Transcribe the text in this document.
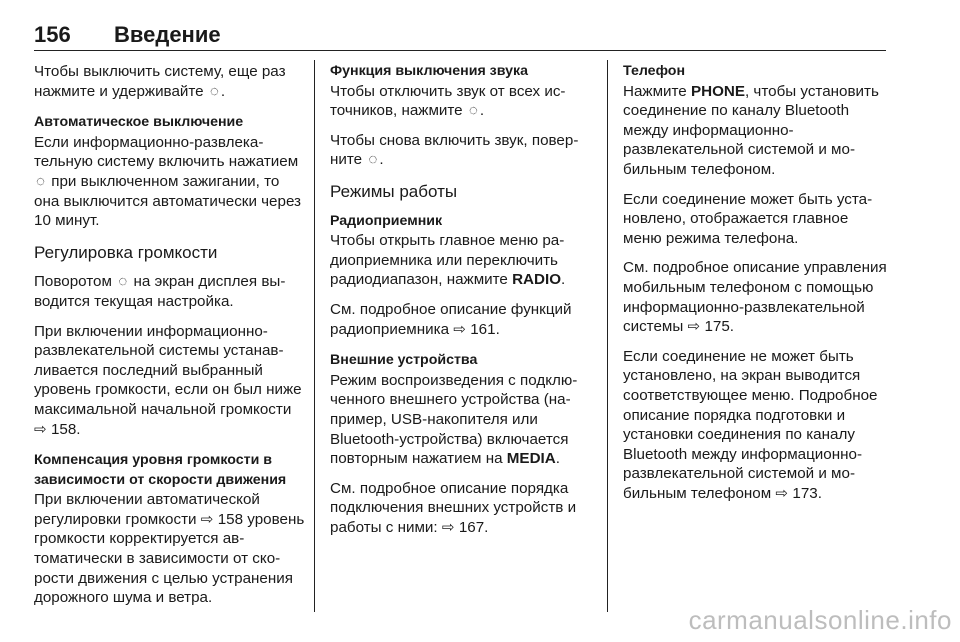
156 Введение

Чтобы выключить систему, еще раз нажмите и удерживайте ◌ .

Автоматическое выключение

Если информационно-развлекательную систему включить нажатием ◌ при выключенном зажигании, то она выключится автоматически через 10 минут.

Регулировка громкости

Поворотом ◌ на экран дисплея выводится текущая настройка.

При включении информационно-развлекательной системы устанавливается последний выбранный уровень громкости, если он был ниже максимальной начальной громкости ⇨ 158.

Компенсация уровня громкости в зависимости от скорости движения

При включении автоматической регулировки громкости ⇨ 158 уровень громкости корректируется автоматически в зависимости от скорости движения с целью устранения дорожного шума и ветра.

Функция выключения звука

Чтобы отключить звук от всех источников, нажмите ◌ .

Чтобы снова включить звук, поверните ◌ .

Режимы работы

Радиоприемник

Чтобы открыть главное меню радиоприемника или переключить радиодиапазон, нажмите RADIO.

См. подробное описание функций радиоприемника ⇨ 161.

Внешние устройства

Режим воспроизведения с подключенного внешнего устройства (например, USB-накопителя или Bluetooth-устройства) включается повторным нажатием на MEDIA.

См. подробное описание порядка подключения внешних устройств и работы с ними: ⇨ 167.

Телефон

Нажмите PHONE, чтобы установить соединение по каналу Bluetooth между информационно-развлекательной системой и мобильным телефоном.

Если соединение может быть установлено, отображается главное меню режима телефона.

См. подробное описание управления мобильным телефоном с помощью информационно-развлекательной системы ⇨ 175.

Если соединение не может быть установлено, на экран выводится соответствующее меню. Подробное описание порядка подготовки и установки соединения по каналу Bluetooth между информационно-развлекательной системой и мобильным телефоном ⇨ 173.

carmanualsonline.info
